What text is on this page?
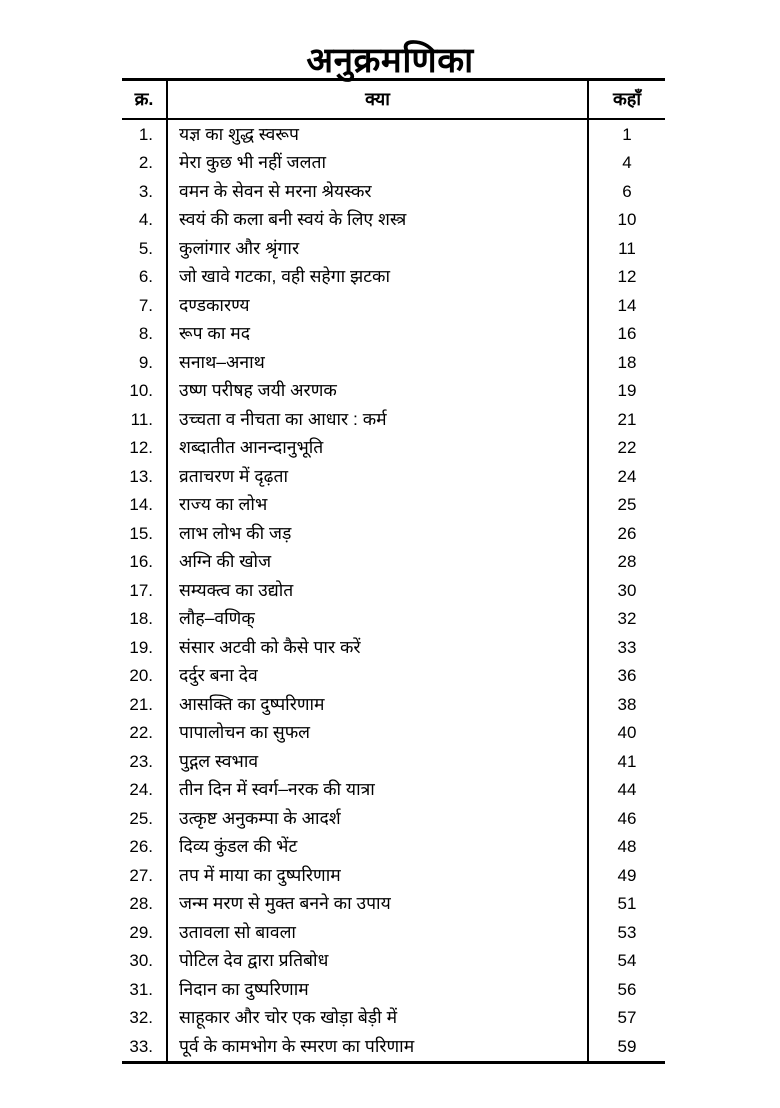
अनुक्रमणिका
क्र.	क्या	कहाँ
1.	यज्ञ का शुद्ध स्वरूप	1
2.	मेरा कुछ भी नहीं जलता	4
3.	वमन के सेवन से मरना श्रेयस्कर	6
4.	स्वयं की कला बनी स्वयं के लिए शस्त्र	10
5.	कुलांगार और श्रृंगार	11
6.	जो खावे गटका, वही सहेगा झटका	12
7.	दण्डकारण्य	14
8.	रूप का मद	16
9.	सनाथ–अनाथ	18
10.	उष्ण परीषह जयी अरणक	19
11.	उच्चता व नीचता का आधार : कर्म	21
12.	शब्दातीत आनन्दानुभूति	22
13.	व्रताचरण में दृढ़ता	24
14.	राज्य का लोभ	25
15.	लाभ लोभ की जड़	26
16.	अग्नि की खोज	28
17.	सम्यक्त्व का उद्योत	30
18.	लौह–वणिक्	32
19.	संसार अटवी को कैसे पार करें	33
20.	दर्दुर बना देव	36
21.	आसक्ति का दुष्परिणाम	38
22.	पापालोचन का सुफल	40
23.	पुद्गल स्वभाव	41
24.	तीन दिन में स्वर्ग–नरक की यात्रा	44
25.	उत्कृष्ट अनुकम्पा के आदर्श	46
26.	दिव्य कुंडल की भेंट	48
27.	तप में माया का दुष्परिणाम	49
28.	जन्म मरण से मुक्त बनने का उपाय	51
29.	उतावला सो बावला	53
30.	पोटिल देव द्वारा प्रतिबोध	54
31.	निदान का दुष्परिणाम	56
32.	साहूकार और चोर एक खोड़ा बेड़ी में	57
33.	पूर्व के कामभोग के स्मरण का परिणाम	59
